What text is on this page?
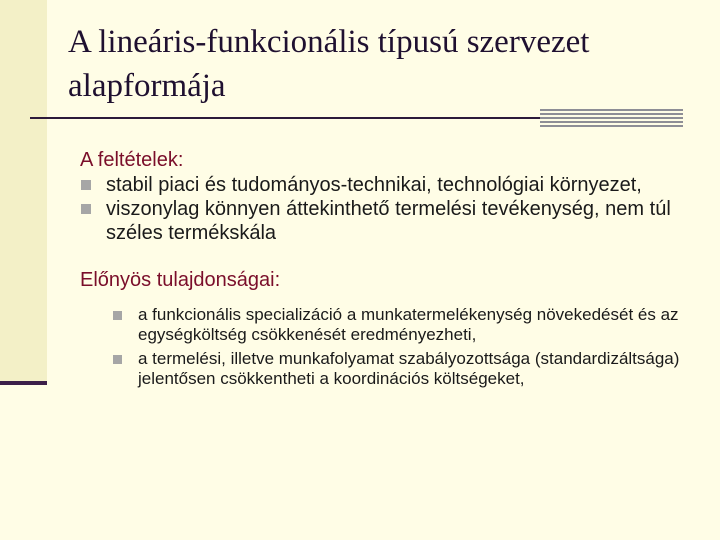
A lineáris-funkcionális típusú szervezet alapformája

A feltételek:

stabil piaci és tudományos-technikai, technológiai környezet,
viszonylag könnyen áttekinthető termelési tevékenység, nem túl széles termékskála

Előnyös tulajdonságai:

a funkcionális specializáció a munkatermelékenység növekedését és az egységköltség csökkenését eredményezheti,
a termelési, illetve munkafolyamat szabályozottsága (standardizáltsága) jelentősen csökkentheti a koordinációs költségeket,
